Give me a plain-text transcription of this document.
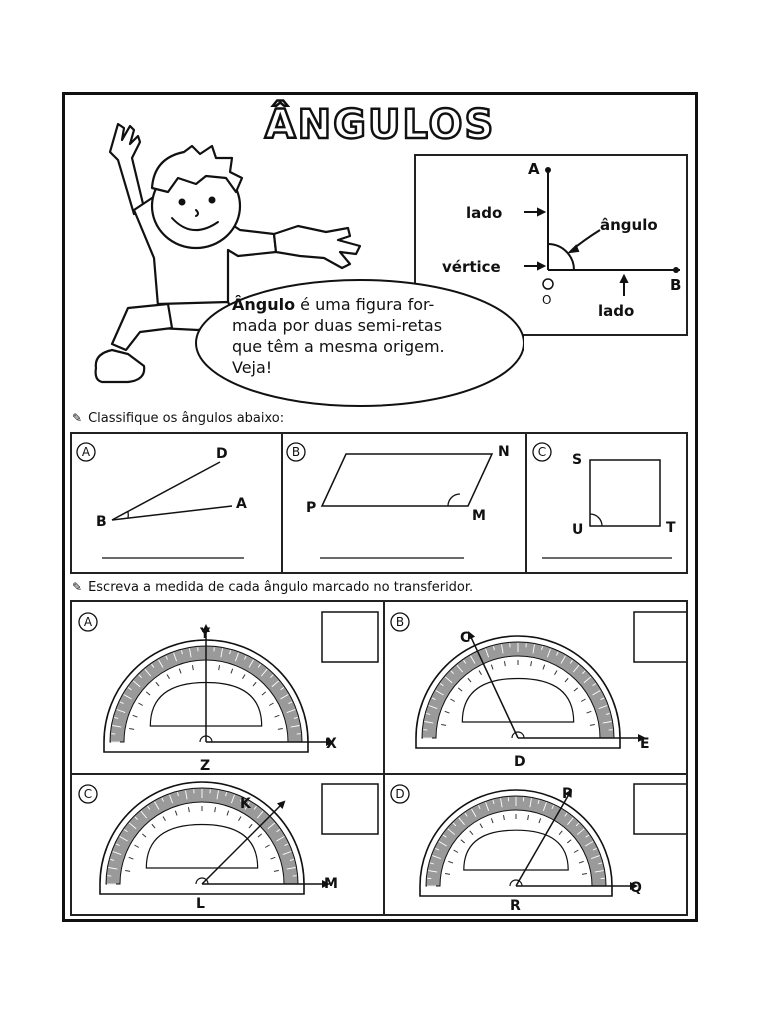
ÂNGULOS
A
O
B
lado
ângulo
vértice
lado

Ângulo é uma figura for-
mada por duas semi-retas
que têm a mesma origem.
Veja!

✎ Classifique os ângulos abaixo:
A	D
A
B
B	N
P	M
C S
U	T
✎ Escreva a medida de cada ângulo marcado no transferidor.
A
X
Z
Y
B
E
D
C
C
M
L
K
D
Q
R
P
